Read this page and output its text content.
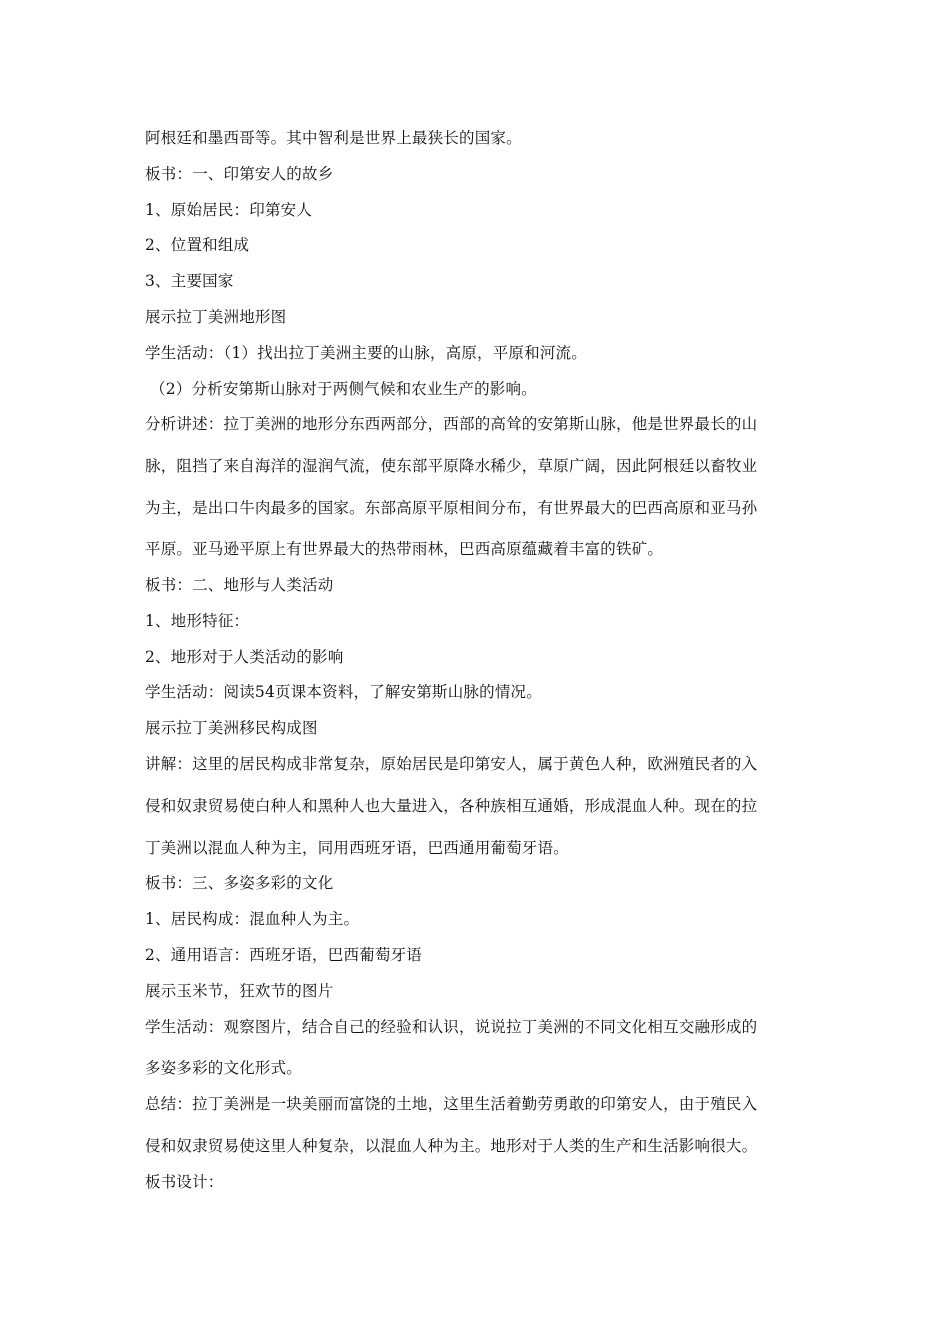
阿根廷和墨西哥等。其中智利是世界上最狭长的国家。
板书：一、印第安人的故乡
1、原始居民：印第安人
2、位置和组成
3、主要国家
展示拉丁美洲地形图
学生活动：（1）找出拉丁美洲主要的山脉，高原，平原和河流。
（2）分析安第斯山脉对于两侧气候和农业生产的影响。
分析讲述：拉丁美洲的地形分东西两部分，西部的高耸的安第斯山脉，他是世界最长的山
脉，阻挡了来自海洋的湿润气流，使东部平原降水稀少，草原广阔，因此阿根廷以畜牧业
为主，是出口牛肉最多的国家。东部高原平原相间分布，有世界最大的巴西高原和亚马孙
平原。亚马逊平原上有世界最大的热带雨林，巴西高原蕴藏着丰富的铁矿。
板书：二、地形与人类活动
1、地形特征：
2、地形对于人类活动的影响
学生活动：阅读54页课本资料，了解安第斯山脉的情况。
展示拉丁美洲移民构成图
讲解：这里的居民构成非常复杂，原始居民是印第安人，属于黄色人种，欧洲殖民者的入
侵和奴隶贸易使白种人和黑种人也大量进入，各种族相互通婚，形成混血人种。现在的拉
丁美洲以混血人种为主，同用西班牙语，巴西通用葡萄牙语。
板书：三、多姿多彩的文化
1、居民构成：混血种人为主。
2、通用语言：西班牙语，巴西葡萄牙语
展示玉米节，狂欢节的图片
学生活动：观察图片，结合自己的经验和认识，说说拉丁美洲的不同文化相互交融形成的
多姿多彩的文化形式。
总结：拉丁美洲是一块美丽而富饶的土地，这里生活着勤劳勇敢的印第安人，由于殖民入
侵和奴隶贸易使这里人种复杂，以混血人种为主。地形对于人类的生产和生活影响很大。
板书设计：
